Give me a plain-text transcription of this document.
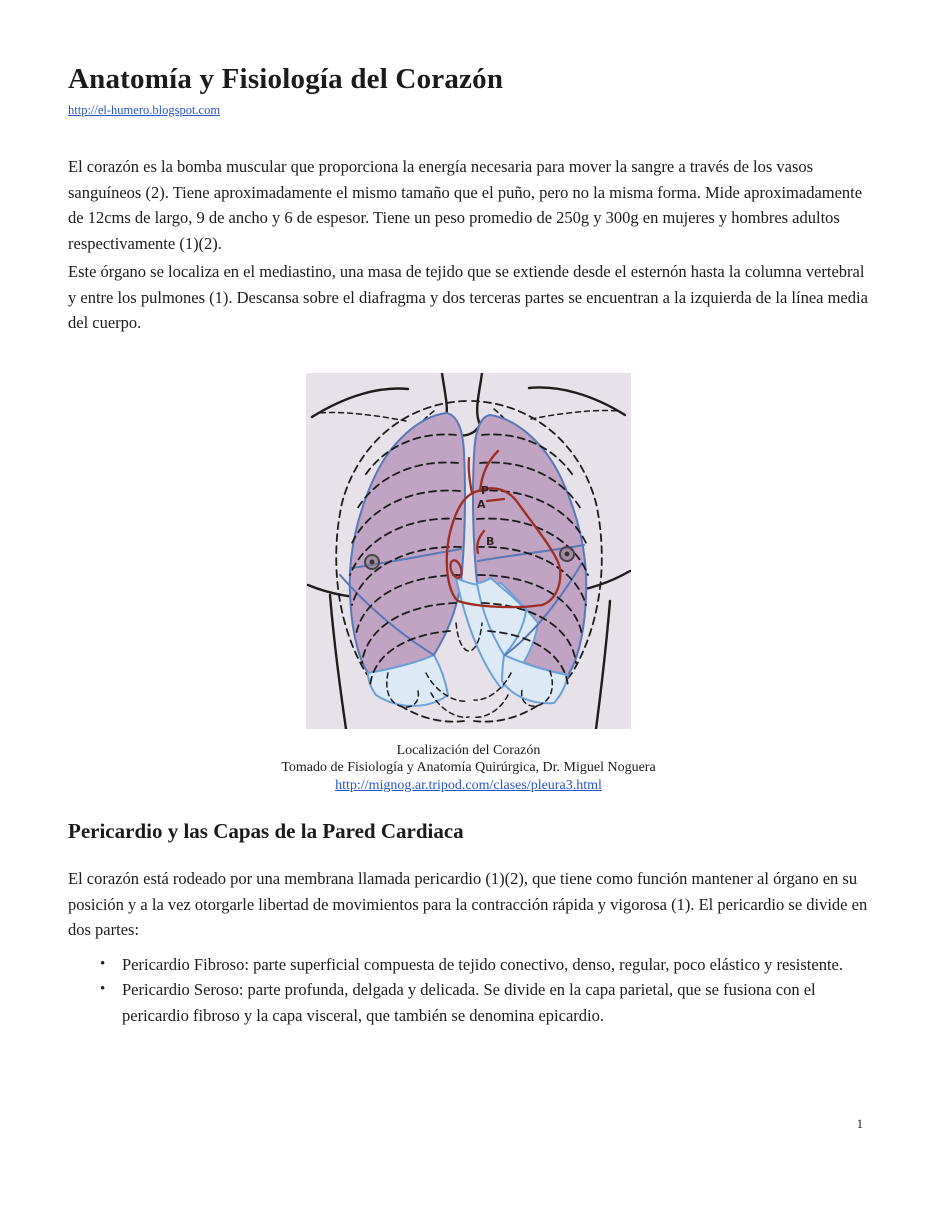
Anatomía y Fisiología del Corazón
http://el-humero.blogspot.com

El corazón es la bomba muscular que proporciona la energía necesaria para mover la sangre a través de los vasos sanguíneos (2). Tiene aproximadamente el mismo tamaño que el puño, pero no la misma forma. Mide aproximadamente de 12cms de largo, 9 de ancho y 6 de espesor. Tiene un peso promedio de 250g y 300g en mujeres y hombres adultos respectivamente (1)(2).

Este órgano se localiza en el mediastino, una masa de tejido que se extiende desde el esternón hasta la columna vertebral y entre los pulmones (1). Descansa sobre el diafragma y dos terceras partes se encuentran a la izquierda de la línea media del cuerpo.

P
A
B
Localización del Corazón
Tomado de Fisiología y Anatomía Quirúrgica, Dr. Miguel Noguera
http://mignog.ar.tripod.com/clases/pleura3.html
Pericardio y las Capas de la Pared Cardiaca

El corazón está rodeado por una membrana llamada pericardio (1)(2), que tiene como función mantener al órgano en su posición y a la vez otorgarle libertad de movimientos para la contracción rápida y vigorosa (1). El pericardio se divide en dos partes:

• Pericardio Fibroso: parte superficial compuesta de tejido conectivo, denso, regular, poco elástico y resistente.
• Pericardio Seroso: parte profunda, delgada y delicada. Se divide en la capa parietal, que se fusiona con el pericardio fibroso y la capa visceral, que también se denomina epicardio.
1
